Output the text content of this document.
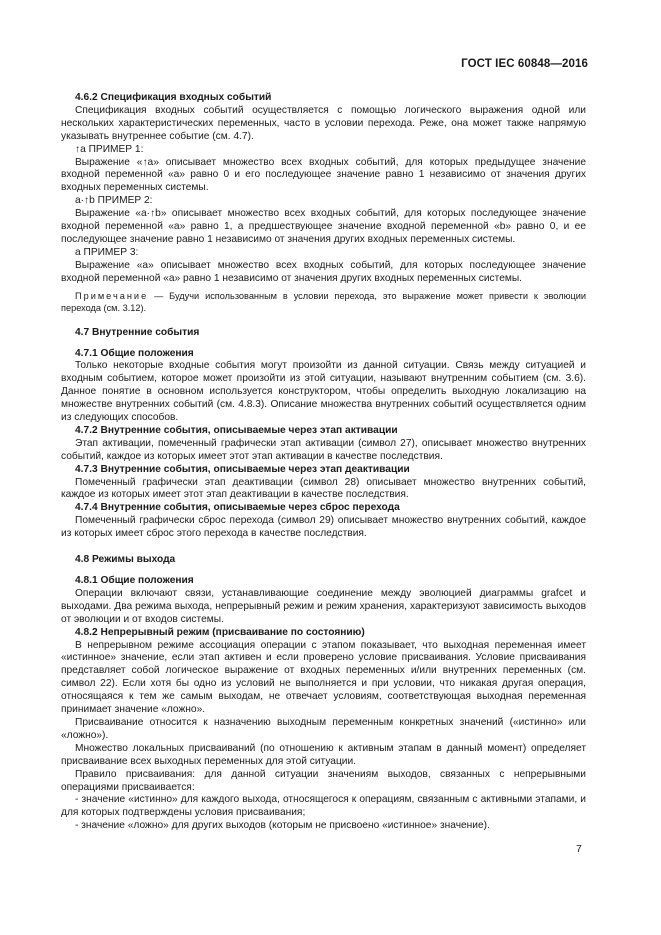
ГОСТ IEC 60848—2016

4.6.2 Спецификация входных событий

Спецификация входных событий осуществляется с помощью логического выражения одной или нескольких характеристических переменных, часто в условии перехода. Реже, она может также напрямую указывать внутреннее событие (см. 4.7).

↑а ПРИМЕР 1:

Выражение «↑а» описывает множество всех входных событий, для которых предыдущее значение входной переменной «а» равно 0 и его последующее значение равно 1 независимо от значения других входных переменных системы.

а·↑b ПРИМЕР 2:

Выражение «а·↑b» описывает множество всех входных событий, для которых последующее значение входной переменной «а» равно 1, а предшествующее значение входной переменной «b» равно 0, и ее последующее значение равно 1 независимо от значения других входных переменных системы.

а ПРИМЕР 3:

Выражение «а» описывает множество всех входных событий, для которых последующее значение входной переменной «а» равно 1 независимо от значения других входных переменных системы.

Примечание — Будучи использованным в условии перехода, это выражение может привести к эволюции перехода (см. 3.12).

4.7 Внутренние события

4.7.1 Общие положения

Только некоторые входные события могут произойти из данной ситуации. Связь между ситуацией и входным событием, которое может произойти из этой ситуации, называют внутренним событием (см. 3.6). Данное понятие в основном используется конструктором, чтобы определить выходную локализацию на множестве внутренних событий (см. 4.8.3). Описание множества внутренних событий осуществляется одним из следующих способов.

4.7.2 Внутренние события, описываемые через этап активации

Этап активации, помеченный графически этап активации (символ 27), описывает множество внутренних событий, каждое из которых имеет этот этап активации в качестве последствия.

4.7.3 Внутренние события, описываемые через этап деактивации

Помеченный графически этап деактивации (символ 28) описывает множество внутренних событий, каждое из которых имеет этот этап деактивации в качестве последствия.

4.7.4 Внутренние события, описываемые через сброс перехода

Помеченный графически сброс перехода (символ 29) описывает множество внутренних событий, каждое из которых имеет сброс этого перехода в качестве последствия.

4.8 Режимы выхода

4.8.1 Общие положения

Операции включают связи, устанавливающие соединение между эволюцией диаграммы grafcet и выходами. Два режима выхода, непрерывный режим и режим хранения, характеризуют зависимость выходов от эволюции и от входов системы.

4.8.2 Непрерывный режим (присваивание по состоянию)

В непрерывном режиме ассоциация операции с этапом показывает, что выходная переменная имеет «истинное» значение, если этап активен и если проверено условие присваивания. Условие присваивания представляет собой логическое выражение от входных переменных и/или внутренних переменных (см. символ 22). Если хотя бы одно из условий не выполняется и при условии, что никакая другая операция, относящаяся к тем же самым выходам, не отвечает условиям, соответствующая выходная переменная принимает значение «ложно».

Присваивание относится к назначению выходным переменным конкретных значений («истинно» или «ложно»).

Множество локальных присваиваний (по отношению к активным этапам в данный момент) определяет присваивание всех выходных переменных для этой ситуации.

Правило присваивания: для данной ситуации значениям выходов, связанных с непрерывными операциями присваивается:

- значение «истинно» для каждого выхода, относящегося к операциям, связанным с активными этапами, и для которых подтверждены условия присваивания;

- значение «ложно» для других выходов (которым не присвоено «истинное» значение).

7
